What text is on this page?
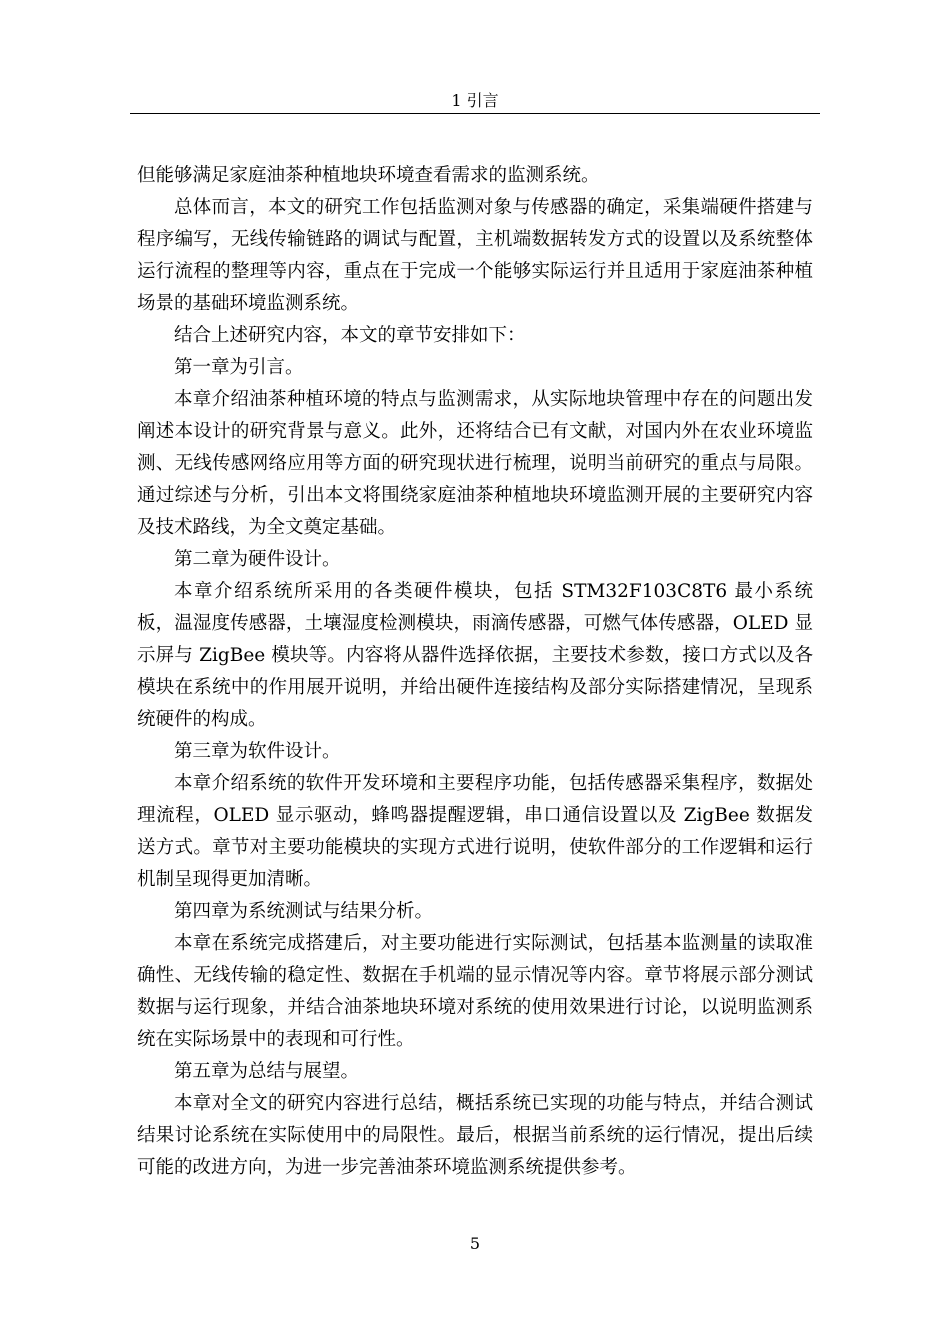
1 引言

但能够满足家庭油茶种植地块环境查看需求的监测系统。

总体而言，本文的研究工作包括监测对象与传感器的确定，采集端硬件搭建与程序编写，无线传输链路的调试与配置，主机端数据转发方式的设置以及系统整体运行流程的整理等内容，重点在于完成一个能够实际运行并且适用于家庭油茶种植场景的基础环境监测系统。

结合上述研究内容，本文的章节安排如下：

第一章为引言。

本章介绍油茶种植环境的特点与监测需求，从实际地块管理中存在的问题出发阐述本设计的研究背景与意义。此外，还将结合已有文献，对国内外在农业环境监测、无线传感网络应用等方面的研究现状进行梳理，说明当前研究的重点与局限。通过综述与分析，引出本文将围绕家庭油茶种植地块环境监测开展的主要研究内容及技术路线，为全文奠定基础。

第二章为硬件设计。

本章介绍系统所采用的各类硬件模块，包括 STM32F103C8T6 最小系统板，温湿度传感器，土壤湿度检测模块，雨滴传感器，可燃气体传感器，OLED 显示屏与 ZigBee 模块等。内容将从器件选择依据，主要技术参数，接口方式以及各模块在系统中的作用展开说明，并给出硬件连接结构及部分实际搭建情况，呈现系统硬件的构成。

第三章为软件设计。

本章介绍系统的软件开发环境和主要程序功能，包括传感器采集程序，数据处理流程，OLED 显示驱动，蜂鸣器提醒逻辑，串口通信设置以及 ZigBee 数据发送方式。章节对主要功能模块的实现方式进行说明，使软件部分的工作逻辑和运行机制呈现得更加清晰。

第四章为系统测试与结果分析。

本章在系统完成搭建后，对主要功能进行实际测试，包括基本监测量的读取准确性、无线传输的稳定性、数据在手机端的显示情况等内容。章节将展示部分测试数据与运行现象，并结合油茶地块环境对系统的使用效果进行讨论，以说明监测系统在实际场景中的表现和可行性。

第五章为总结与展望。

本章对全文的研究内容进行总结，概括系统已实现的功能与特点，并结合测试结果讨论系统在实际使用中的局限性。最后，根据当前系统的运行情况，提出后续可能的改进方向，为进一步完善油茶环境监测系统提供参考。

5
